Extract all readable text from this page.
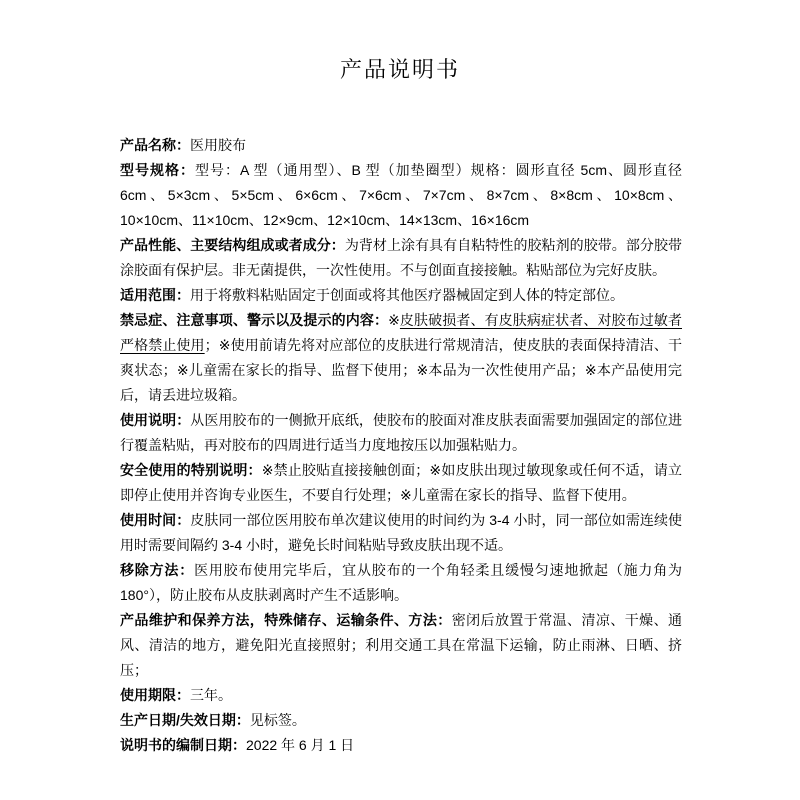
产品说明书

产品名称：医用胶布

型号规格：型号：A 型（通用型）、B 型（加垫圈型）规格：圆形直径 5cm、圆形直径 6cm、5×3cm、5×5cm、6×6cm、7×6cm、7×7cm、8×7cm、8×8cm、10×8cm、10×10cm、11×10cm、12×9cm、12×10cm、14×13cm、16×16cm

产品性能、主要结构组成或者成分：为背材上涂有具有自粘特性的胶粘剂的胶带。部分胶带涂胶面有保护层。非无菌提供，一次性使用。不与创面直接接触。粘贴部位为完好皮肤。

适用范围：用于将敷料粘贴固定于创面或将其他医疗器械固定到人体的特定部位。

禁忌症、注意事项、警示以及提示的内容：※皮肤破损者、有皮肤病症状者、对胶布过敏者严格禁止使用；※使用前请先将对应部位的皮肤进行常规清洁，使皮肤的表面保持清洁、干爽状态；※儿童需在家长的指导、监督下使用；※本品为一次性使用产品；※本产品使用完后，请丢进垃圾箱。

使用说明：从医用胶布的一侧掀开底纸，使胶布的胶面对准皮肤表面需要加强固定的部位进行覆盖粘贴，再对胶布的四周进行适当力度地按压以加强粘贴力。

安全使用的特别说明：※禁止胶贴直接接触创面；※如皮肤出现过敏现象或任何不适，请立即停止使用并咨询专业医生，不要自行处理；※儿童需在家长的指导、监督下使用。

使用时间：皮肤同一部位医用胶布单次建议使用的时间约为 3-4 小时，同一部位如需连续使用时需要间隔约 3-4 小时，避免长时间粘贴导致皮肤出现不适。

移除方法：医用胶布使用完毕后，宜从胶布的一个角轻柔且缓慢匀速地掀起（施力角为 180°），防止胶布从皮肤剥离时产生不适影响。

产品维护和保养方法，特殊储存、运输条件、方法：密闭后放置于常温、清凉、干燥、通风、清洁的地方，避免阳光直接照射；利用交通工具在常温下运输，防止雨淋、日晒、挤压；

使用期限：三年。

生产日期/失效日期：见标签。

说明书的编制日期：2022 年 6 月 1 日
